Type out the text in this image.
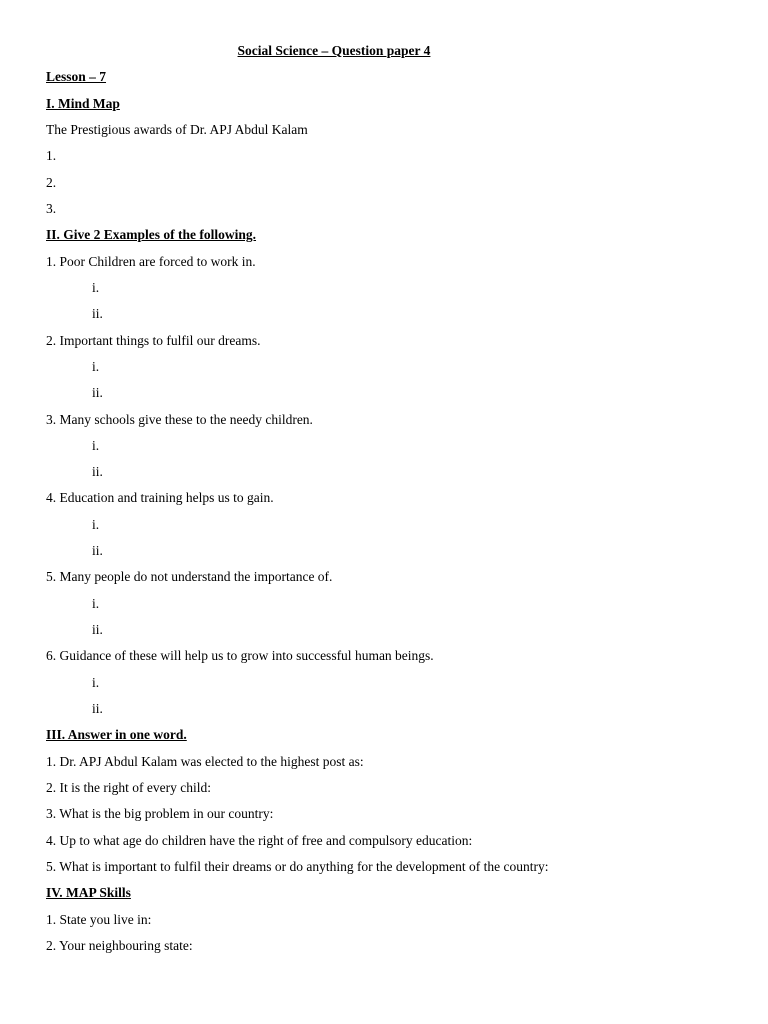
Social Science – Question paper 4
Lesson – 7
I. Mind Map
The Prestigious awards of Dr. APJ Abdul Kalam
1.
2.
3.
II. Give 2 Examples of the following.
1. Poor Children are forced to work in.
i.
ii.
2. Important things to fulfil our dreams.
i.
ii.
3. Many schools give these to the needy children.
i.
ii.
4. Education and training helps us to gain.
i.
ii.
5. Many people do not understand the importance of.
i.
ii.
6. Guidance of these will help us to grow into successful human beings.
i.
ii.
III. Answer in one word.
1. Dr. APJ Abdul Kalam was elected to the highest post as:
2. It is the right of every child:
3. What is the big problem in our country:
4. Up to what age do children have the right of free and compulsory education:
5. What is important to fulfil their dreams or do anything for the development of the country:
IV. MAP Skills
1. State you live in:
2. Your neighbouring state:
